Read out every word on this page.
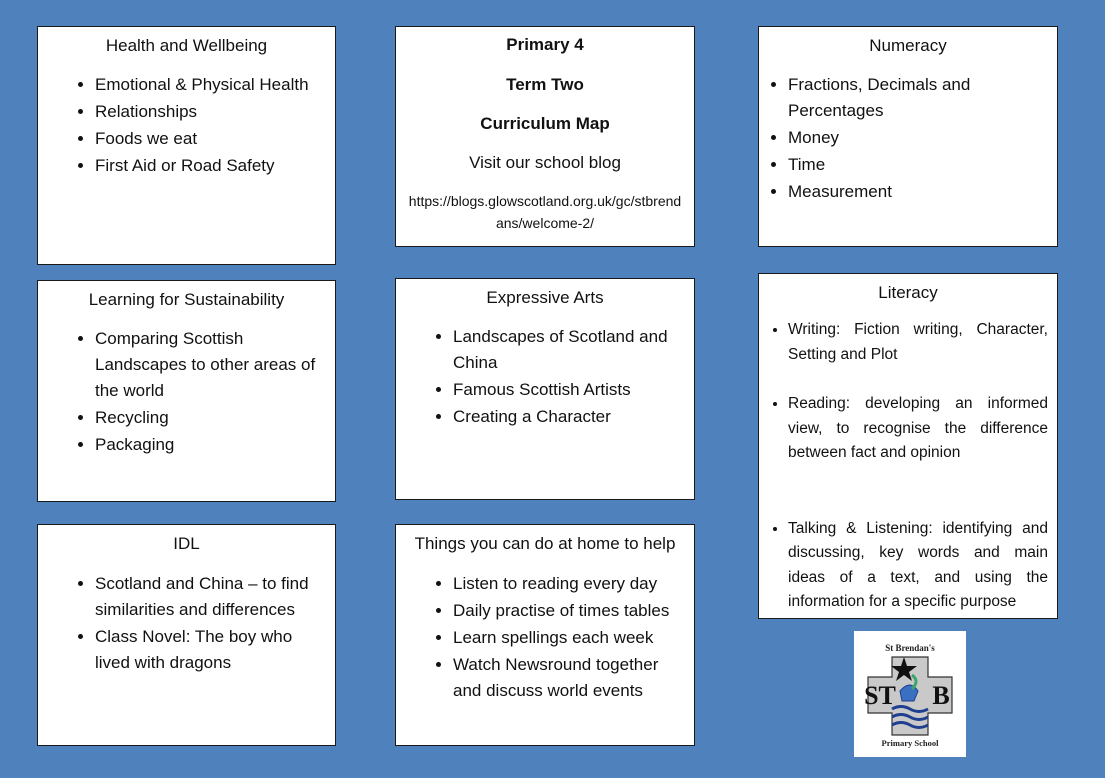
Health and Wellbeing
• Emotional & Physical Health
• Relationships
• Foods we eat
• First Aid or Road Safety

Primary 4

Term Two

Curriculum Map

Visit our school blog

https://blogs.glowscotland.org.uk/gc/stbrendans/welcome-2/

Numeracy
• Fractions, Decimals and Percentages
• Money
• Time
• Measurement
Learning for Sustainability
• Comparing Scottish Landscapes to other areas of the world
• Recycling
• Packaging
Expressive Arts
• Landscapes of Scotland and China
• Famous Scottish Artists
• Creating a Character
Literacy
• Writing: Fiction writing, Character, Setting and Plot
• Reading: developing an informed view, to recognise the difference between fact and opinion
• Talking & Listening: identifying and discussing, key words and main ideas of a text, and using the information for a specific purpose
IDL
• Scotland and China – to find similarities and differences
• Class Novel: The boy who lived with dragons
Things you can do at home to help
• Listen to reading every day
• Daily practise of times tables
• Learn spellings each week
• Watch Newsround together and discuss world events
St Brendan's
ST B
Primary School
